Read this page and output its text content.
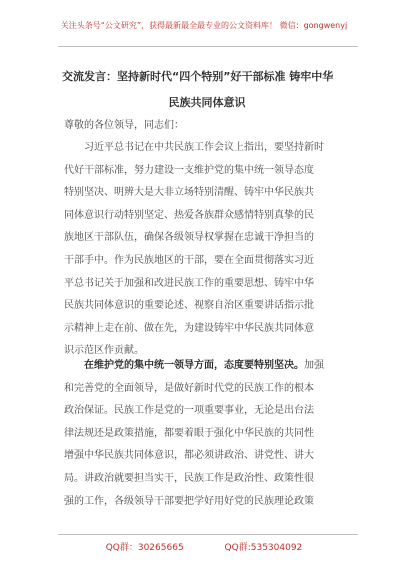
关注头条号“公文研究”，获得最新最全最专业的公文资料库！ 微信：gongwenyj
交流发言：坚持新时代“四个特别”好干部标准 铸牢中华
民族共同体意识
尊敬的各位领导，同志们：

习近平总书记在中共民族工作会议上指出，要坚持新时

代好干部标准，努力建设一支维护党的集中统一领导态度

特别坚决、明辨大是大非立场特别清醒、铸牢中华民族共

同体意识行动特别坚定、热爱各族群众感情特别真挚的民

族地区干部队伍，确保各级领导权掌握在忠诚干净担当的

干部手中。作为民族地区的干部，要在全面贯彻落实习近

平总书记关于加强和改进民族工作的重要思想、铸牢中华

民族共同体意识的重要论述、视察自治区重要讲话指示批

示精神上走在前、做在先，为建设铸牢中华民族共同体意

识示范区作贡献。

在维护党的集中统一领导方面，态度要特别坚决。加强

和完善党的全面领导，是做好新时代党的民族工作的根本

政治保证。民族工作是党的一项重要事业，无论是出台法

律法规还是政策措施，都要着眼于强化中华民族的共同性

增强中华民族共同体意识，都必须讲政治、讲党性、讲大

局。讲政治就要担当实干，民族工作是政治性、政策性很

强的工作，各级领导干部要把学好用好党的民族理论政策

QQ群：30265665	QQ群:535304092
